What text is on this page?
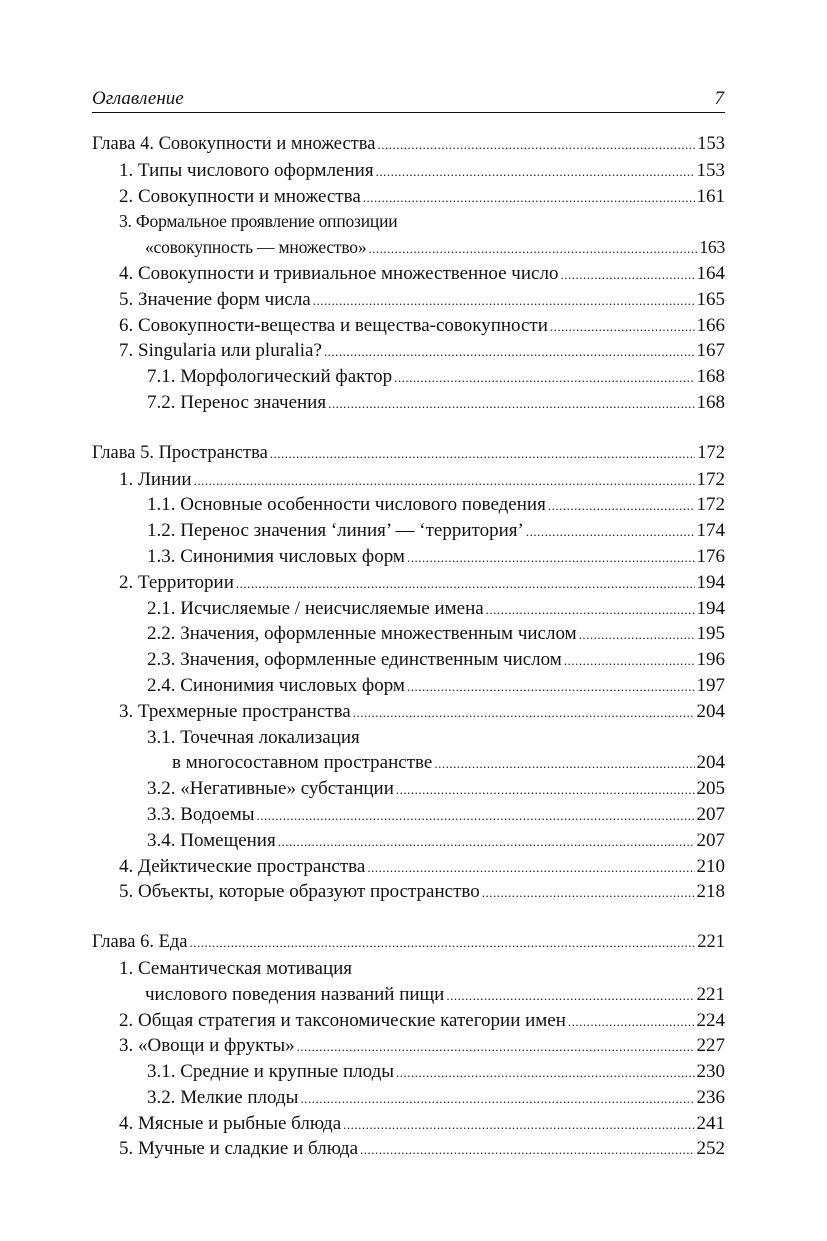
Оглавление	7
Глава 4. Совокупности и множества .....	153
1. Типы числового оформления .....	153
2. Совокупности и множества .....	161
3. Формальное проявление оппозиции
«совокупность — множество» .....	163
4. Совокупности и тривиальное множественное число .....	164
5. Значение форм числа .....	165
6. Совокупности-вещества и вещества-совокупности .....	166
7. Singularia или pluralia? .....	167
7.1. Морфологический фактор .....	168
7.2. Перенос значения .....	168
Глава 5. Пространства .....	172
1. Линии .....	172
1.1. Основные особенности числового поведения .....	172
1.2. Перенос значения ‘линия’ — ‘территория’ .....	174
1.3. Синонимия числовых форм .....	176
2. Территории .....	194
2.1. Исчисляемые / неисчисляемые имена .....	194
2.2. Значения, оформленные множественным числом .....	195
2.3. Значения, оформленные единственным числом .....	196
2.4. Синонимия числовых форм .....	197
3. Трехмерные пространства .....	204
3.1. Точечная локализация
в многосоставном пространстве .....	204
3.2. «Негативные» субстанции .....	205
3.3. Водоемы .....	207
3.4. Помещения .....	207
4. Дейктические пространства .....	210
5. Объекты, которые образуют пространство .....	218
Глава 6. Еда .....	221
1. Семантическая мотивация
числового поведения названий пищи .....	221
2. Общая стратегия и таксономические категории имен .....	224
3. «Овощи и фрукты» .....	227
3.1. Средние и крупные плоды .....	230
3.2. Мелкие плоды .....	236
4. Мясные и рыбные блюда .....	241
5. Мучные и сладкие и блюда .....	252
